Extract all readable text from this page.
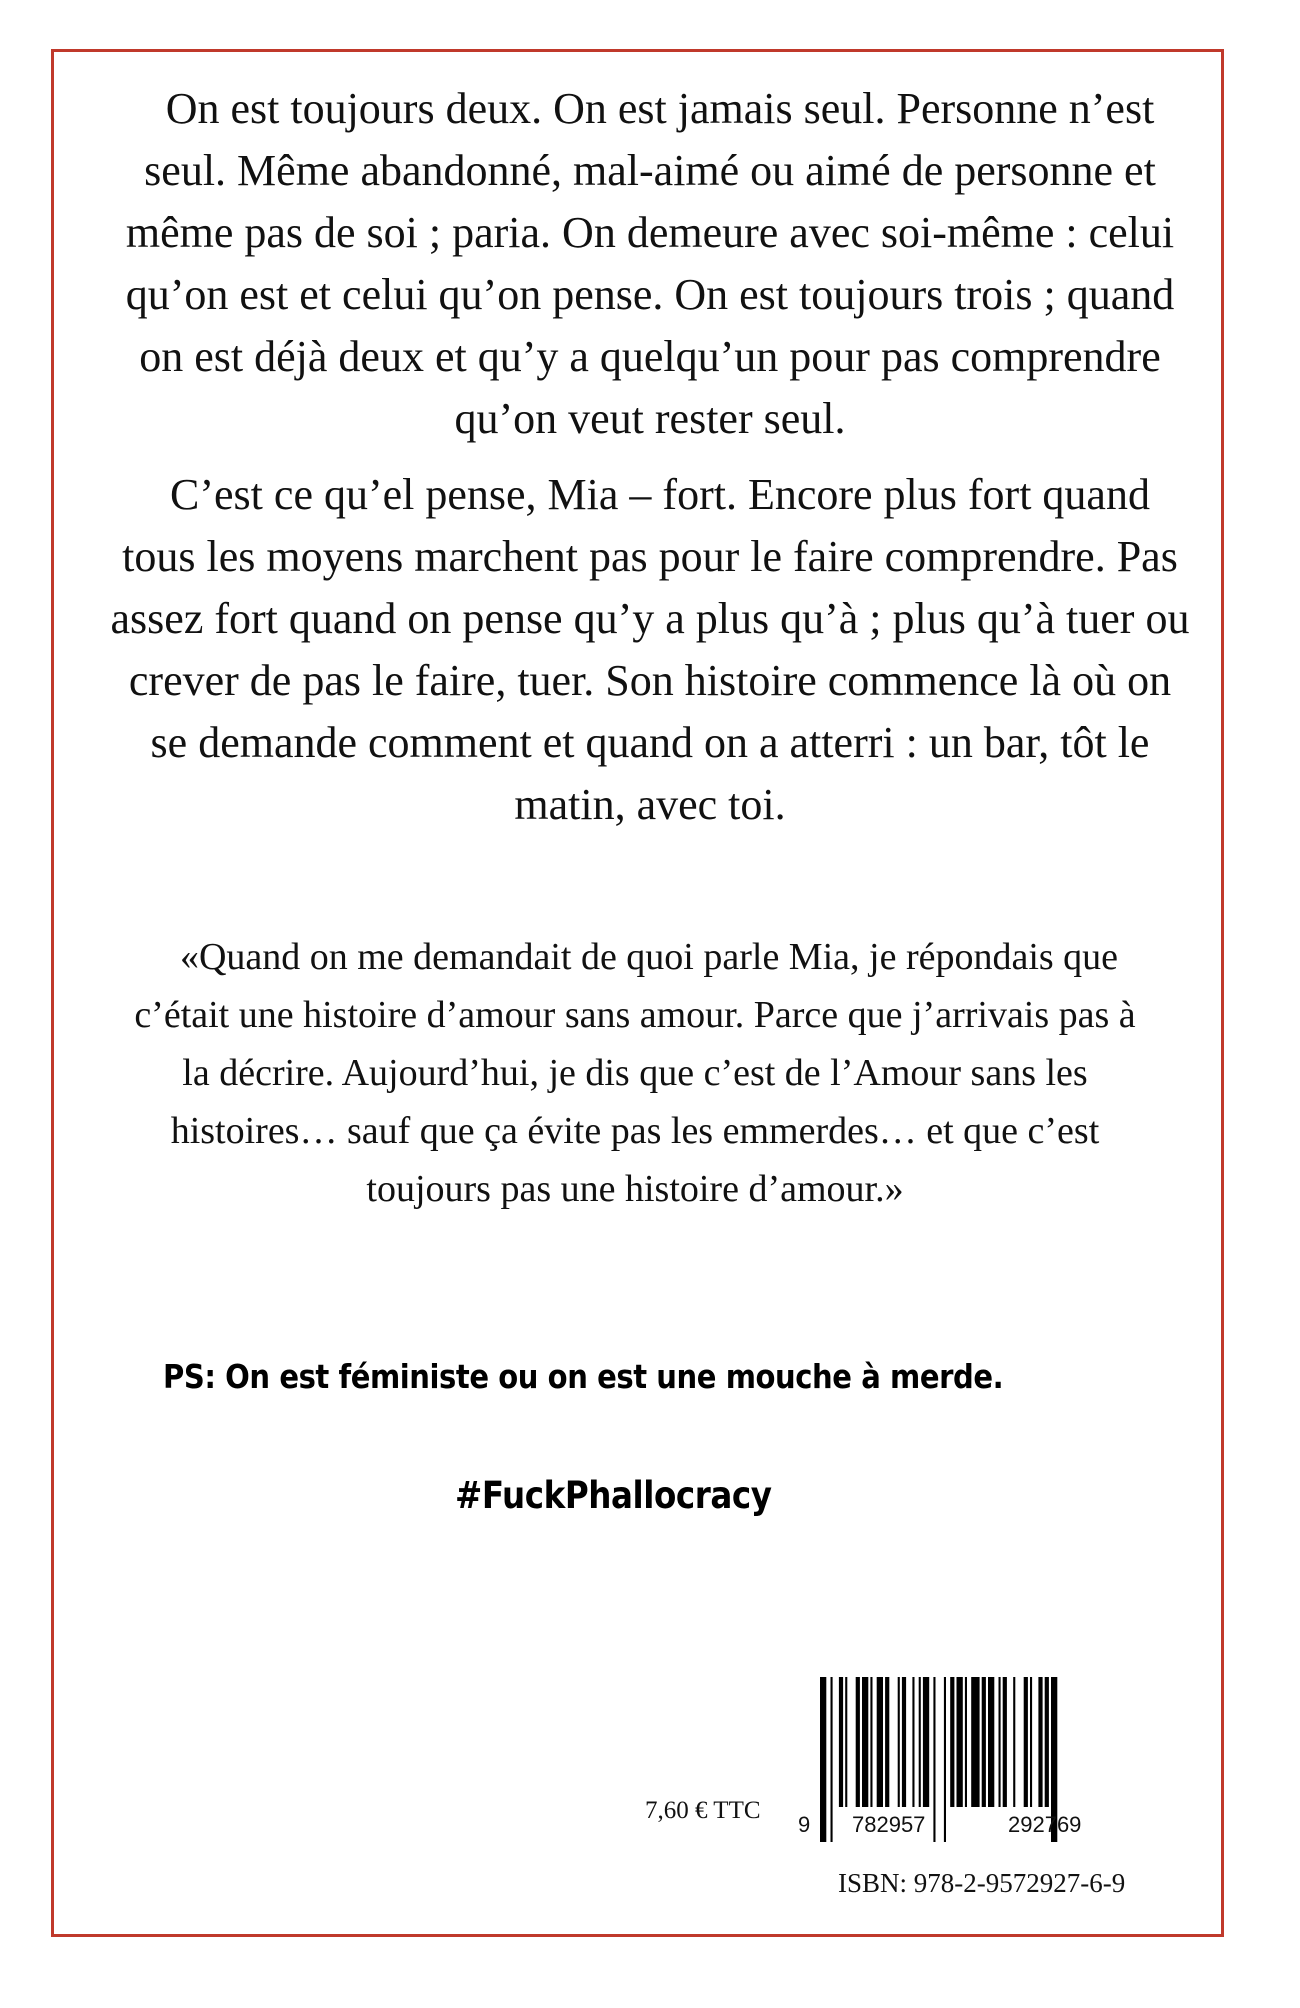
On est toujours deux. On est jamais seul. Personne n’est seul. Même abandonné, mal-aimé ou aimé de personne et même pas de soi ; paria. On demeure avec soi-même : celui qu’on est et celui qu’on pense. On est toujours trois ; quand on est déjà deux et qu’y a quelqu’un pour pas comprendre qu’on veut rester seul.

C’est ce qu’el pense, Mia – fort. Encore plus fort quand tous les moyens marchent pas pour le faire comprendre. Pas assez fort quand on pense qu’y a plus qu’à ; plus qu’à tuer ou crever de pas le faire, tuer. Son histoire commence là où on se demande comment et quand on a atterri : un bar, tôt le matin, avec toi.

«Quand on me demandait de quoi parle Mia, je répondais que c’était une histoire d’amour sans amour. Parce que j’arrivais pas à la décrire. Aujourd’hui, je dis que c’est de l’Amour sans les histoires… sauf que ça évite pas les emmerdes… et que c’est toujours pas une histoire d’amour.»

PS: On est féministe ou on est une mouche à merde.
#FuckPhallocracy
7,60 € TTC
9 782957	292769
ISBN: 978-2-9572927-6-9
